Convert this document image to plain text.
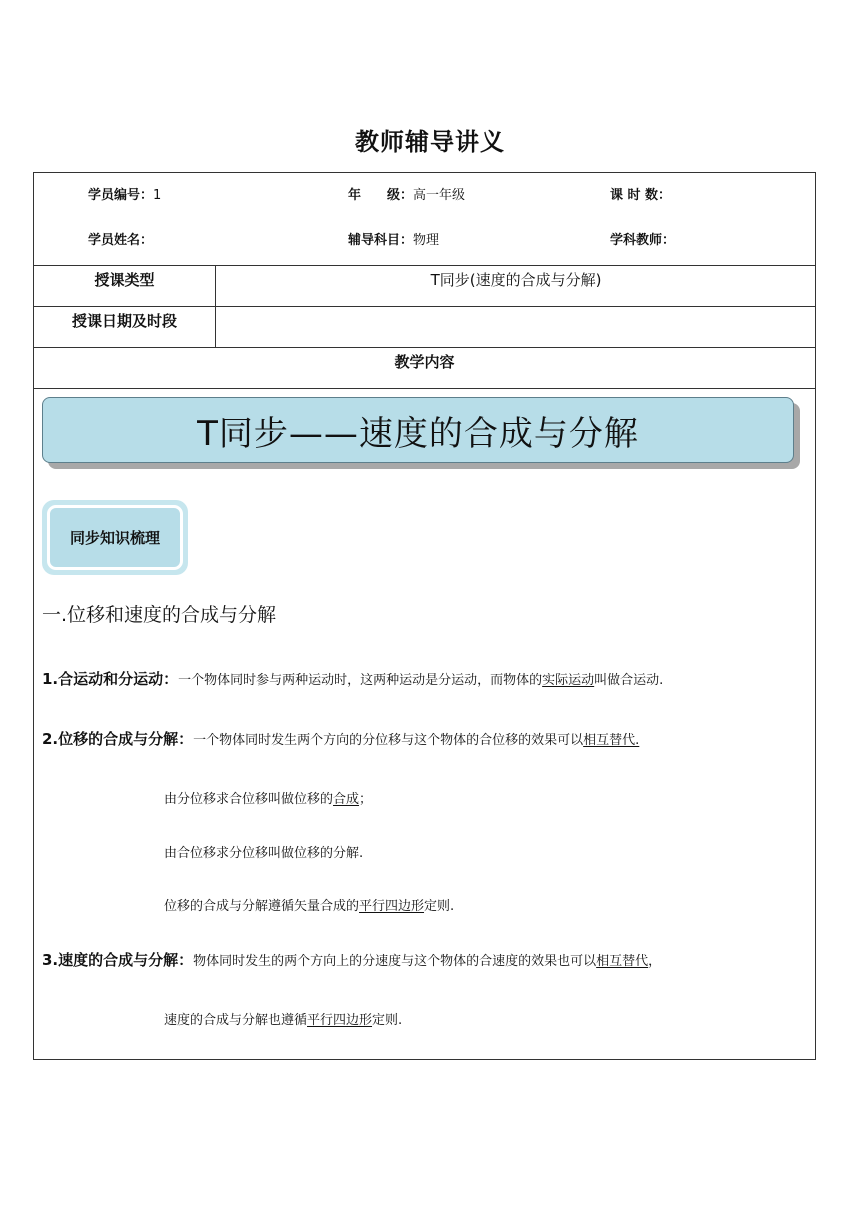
教师辅导讲义
学员编号：1	年　　级：高一年级	课 时 数：
学员姓名：	辅导科目：物理	学科教师：
授课类型	T同步(速度的合成与分解)
授课日期及时段
教学内容
T同步——速度的合成与分解
同步知识梳理
一.位移和速度的合成与分解
1.合运动和分运动：一个物体同时参与两种运动时，这两种运动是分运动，而物体的实际运动叫做合运动.
2.位移的合成与分解：一个物体同时发生两个方向的分位移与这个物体的合位移的效果可以相互替代.
由分位移求合位移叫做位移的合成；
由合位移求分位移叫做位移的分解.
位移的合成与分解遵循矢量合成的平行四边形定则.
3.速度的合成与分解：物体同时发生的两个方向上的分速度与这个物体的合速度的效果也可以相互替代，
速度的合成与分解也遵循平行四边形定则.
